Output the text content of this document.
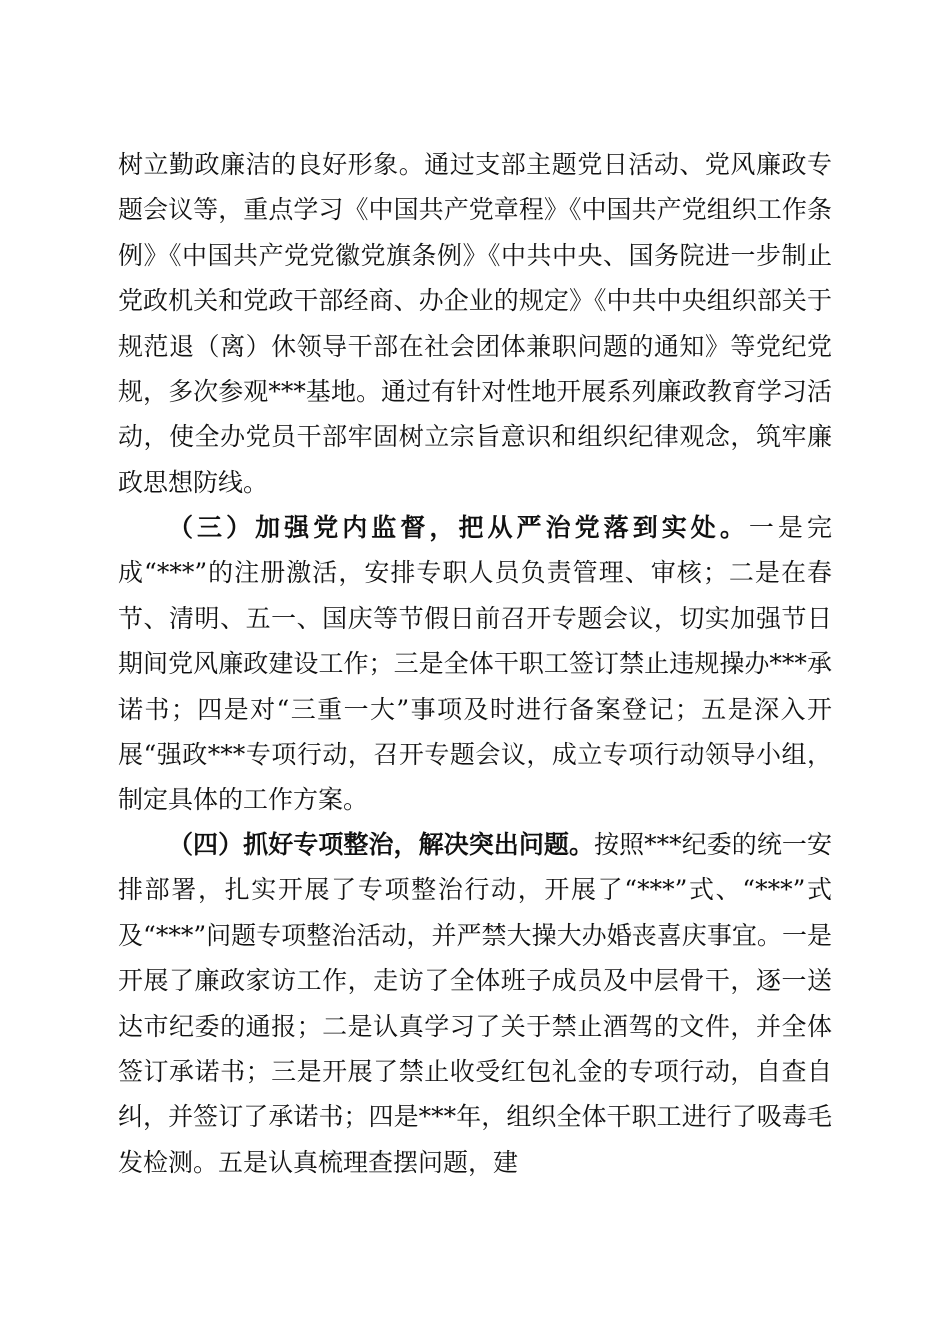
树立勤政廉洁的良好形象。通过支部主题党日活动、党风廉政专题会议等，重点学习《中国共产党章程》《中国共产党组织工作条例》《中国共产党党徽党旗条例》《中共中央、国务院进一步制止党政机关和党政干部经商、办企业的规定》《中共中央组织部关于规范退（离）休领导干部在社会团体兼职问题的通知》等党纪党规，多次参观***基地。通过有针对性地开展系列廉政教育学习活动，使全办党员干部牢固树立宗旨意识和组织纪律观念，筑牢廉政思想防线。

（三）加强党内监督，把从严治党落到实处。一是完成“***”的注册激活，安排专职人员负责管理、审核；二是在春节、清明、五一、国庆等节假日前召开专题会议，切实加强节日期间党风廉政建设工作；三是全体干职工签订禁止违规操办***承诺书；四是对“三重一大”事项及时进行备案登记；五是深入开展“强政***专项行动，召开专题会议，成立专项行动领导小组，制定具体的工作方案。

（四）抓好专项整治，解决突出问题。按照***纪委的统一安排部署，扎实开展了专项整治行动，开展了“***”式、“***”式及“***”问题专项整治活动，并严禁大操大办婚丧喜庆事宜。一是开展了廉政家访工作，走访了全体班子成员及中层骨干，逐一送达市纪委的通报；二是认真学习了关于禁止酒驾的文件，并全体签订承诺书；三是开展了禁止收受红包礼金的专项行动，自查自纠，并签订了承诺书；四是***年，组织全体干职工进行了吸毒毛发检测。五是认真梳理查摆问题，建
